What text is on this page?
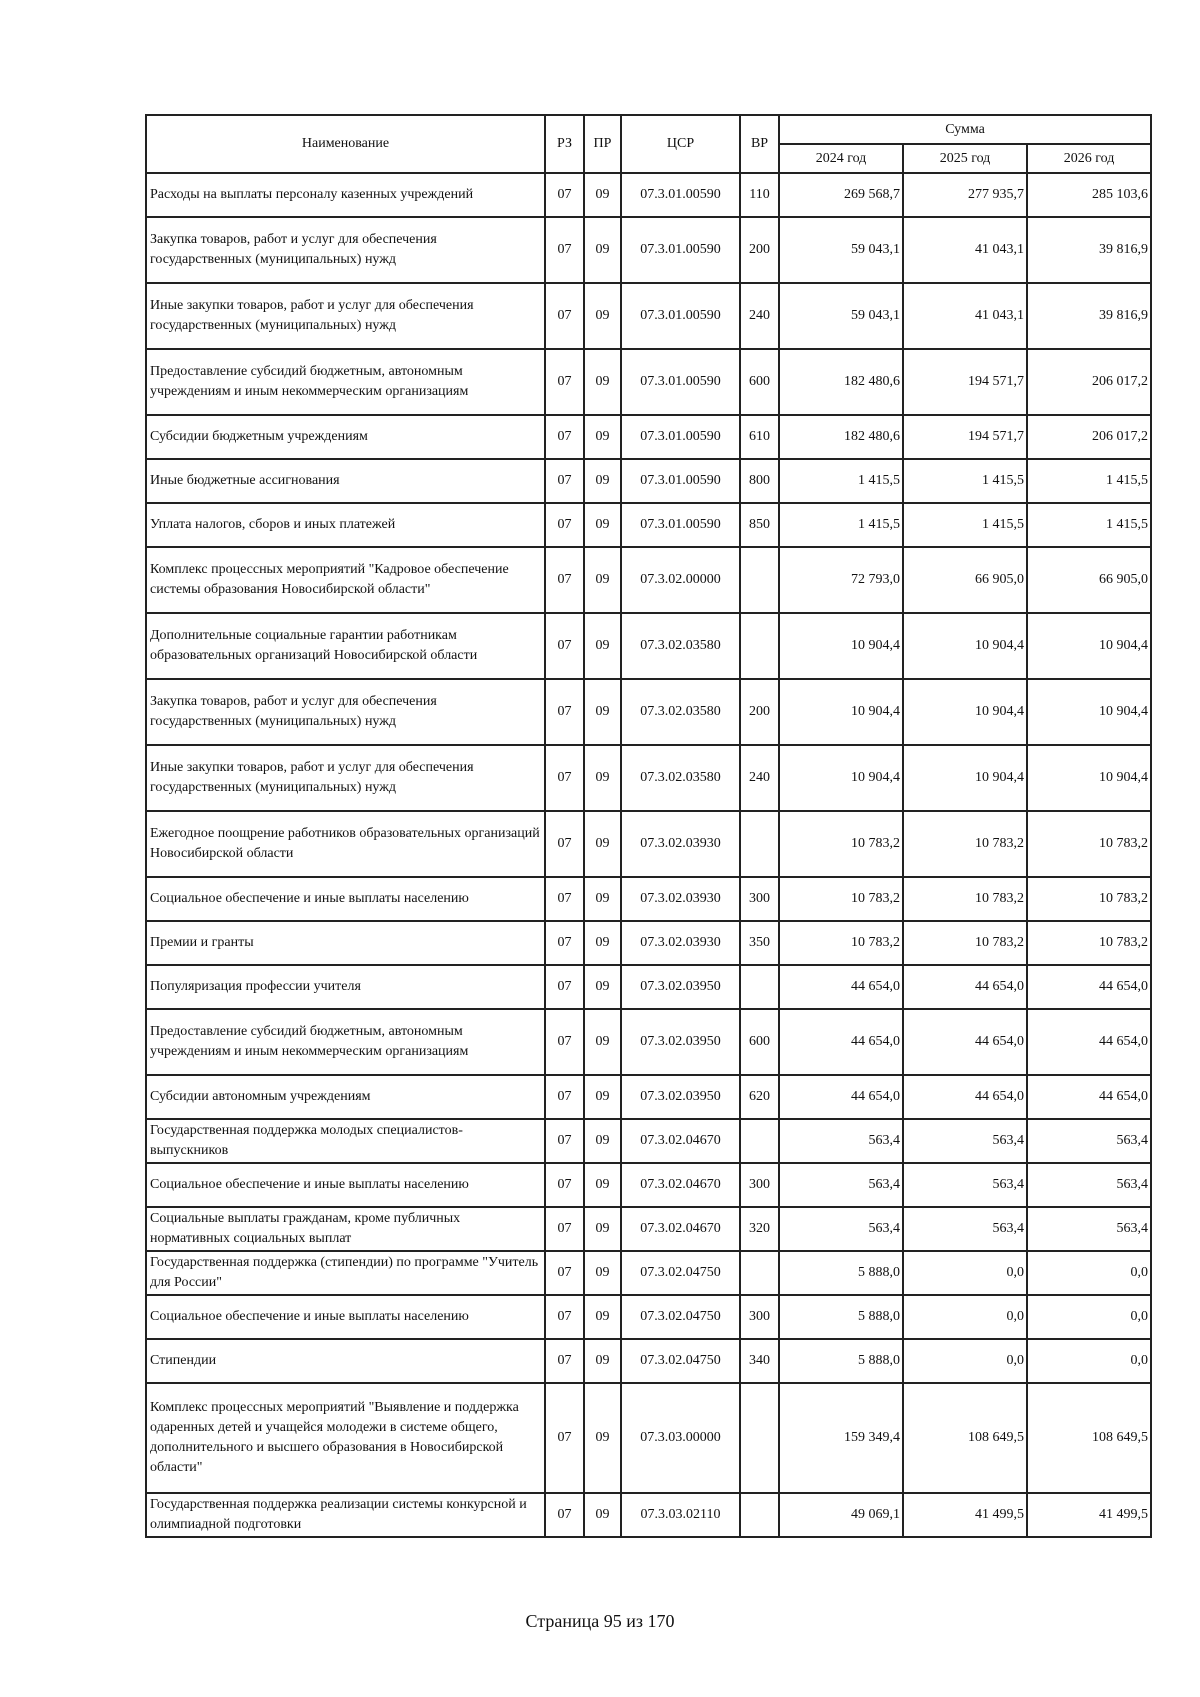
Наименование	РЗ	ПР	ЦСР	ВР	Сумма		
					2024 год	2025 год	2026 год
Расходы на выплаты персоналу казенных учреждений	07	09	07.3.01.00590	110	269 568,7	277 935,7	285 103,6
Закупка товаров, работ и услуг для обеспечения государственных (муниципальных) нужд	07	09	07.3.01.00590	200	59 043,1	41 043,1	39 816,9
Иные закупки товаров, работ и услуг для обеспечения государственных (муниципальных) нужд	07	09	07.3.01.00590	240	59 043,1	41 043,1	39 816,9
Предоставление субсидий бюджетным, автономным учреждениям и иным некоммерческим организациям	07	09	07.3.01.00590	600	182 480,6	194 571,7	206 017,2
Субсидии бюджетным учреждениям	07	09	07.3.01.00590	610	182 480,6	194 571,7	206 017,2
Иные бюджетные ассигнования	07	09	07.3.01.00590	800	1 415,5	1 415,5	1 415,5
Уплата налогов, сборов и иных платежей	07	09	07.3.01.00590	850	1 415,5	1 415,5	1 415,5
Комплекс процессных мероприятий "Кадровое обеспечение системы образования Новосибирской области"	07	09	07.3.02.00000		72 793,0	66 905,0	66 905,0
Дополнительные социальные гарантии работникам образовательных организаций Новосибирской области	07	09	07.3.02.03580		10 904,4	10 904,4	10 904,4
Закупка товаров, работ и услуг для обеспечения государственных (муниципальных) нужд	07	09	07.3.02.03580	200	10 904,4	10 904,4	10 904,4
Иные закупки товаров, работ и услуг для обеспечения государственных (муниципальных) нужд	07	09	07.3.02.03580	240	10 904,4	10 904,4	10 904,4
Ежегодное поощрение работников образовательных организаций Новосибирской области	07	09	07.3.02.03930		10 783,2	10 783,2	10 783,2
Социальное обеспечение и иные выплаты населению	07	09	07.3.02.03930	300	10 783,2	10 783,2	10 783,2
Премии и гранты	07	09	07.3.02.03930	350	10 783,2	10 783,2	10 783,2
Популяризация профессии учителя	07	09	07.3.02.03950		44 654,0	44 654,0	44 654,0
Предоставление субсидий бюджетным, автономным учреждениям и иным некоммерческим организациям	07	09	07.3.02.03950	600	44 654,0	44 654,0	44 654,0
Субсидии автономным учреждениям	07	09	07.3.02.03950	620	44 654,0	44 654,0	44 654,0
Государственная поддержка молодых специалистов-выпускников	07	09	07.3.02.04670		563,4	563,4	563,4
Социальное обеспечение и иные выплаты населению	07	09	07.3.02.04670	300	563,4	563,4	563,4
Социальные выплаты гражданам, кроме публичных нормативных социальных выплат	07	09	07.3.02.04670	320	563,4	563,4	563,4
Государственная поддержка (стипендии) по программе "Учитель для России"	07	09	07.3.02.04750		5 888,0	0,0	0,0
Социальное обеспечение и иные выплаты населению	07	09	07.3.02.04750	300	5 888,0	0,0	0,0
Стипендии	07	09	07.3.02.04750	340	5 888,0	0,0	0,0
Комплекс процессных мероприятий "Выявление и поддержка одаренных детей и учащейся молодежи в системе общего, дополнительного и высшего образования в Новосибирской области"	07	09	07.3.03.00000		159 349,4	108 649,5	108 649,5
Государственная поддержка реализации системы конкурсной и олимпиадной подготовки	07	09	07.3.03.02110		49 069,1	41 499,5	41 499,5
Страница 95 из 170
